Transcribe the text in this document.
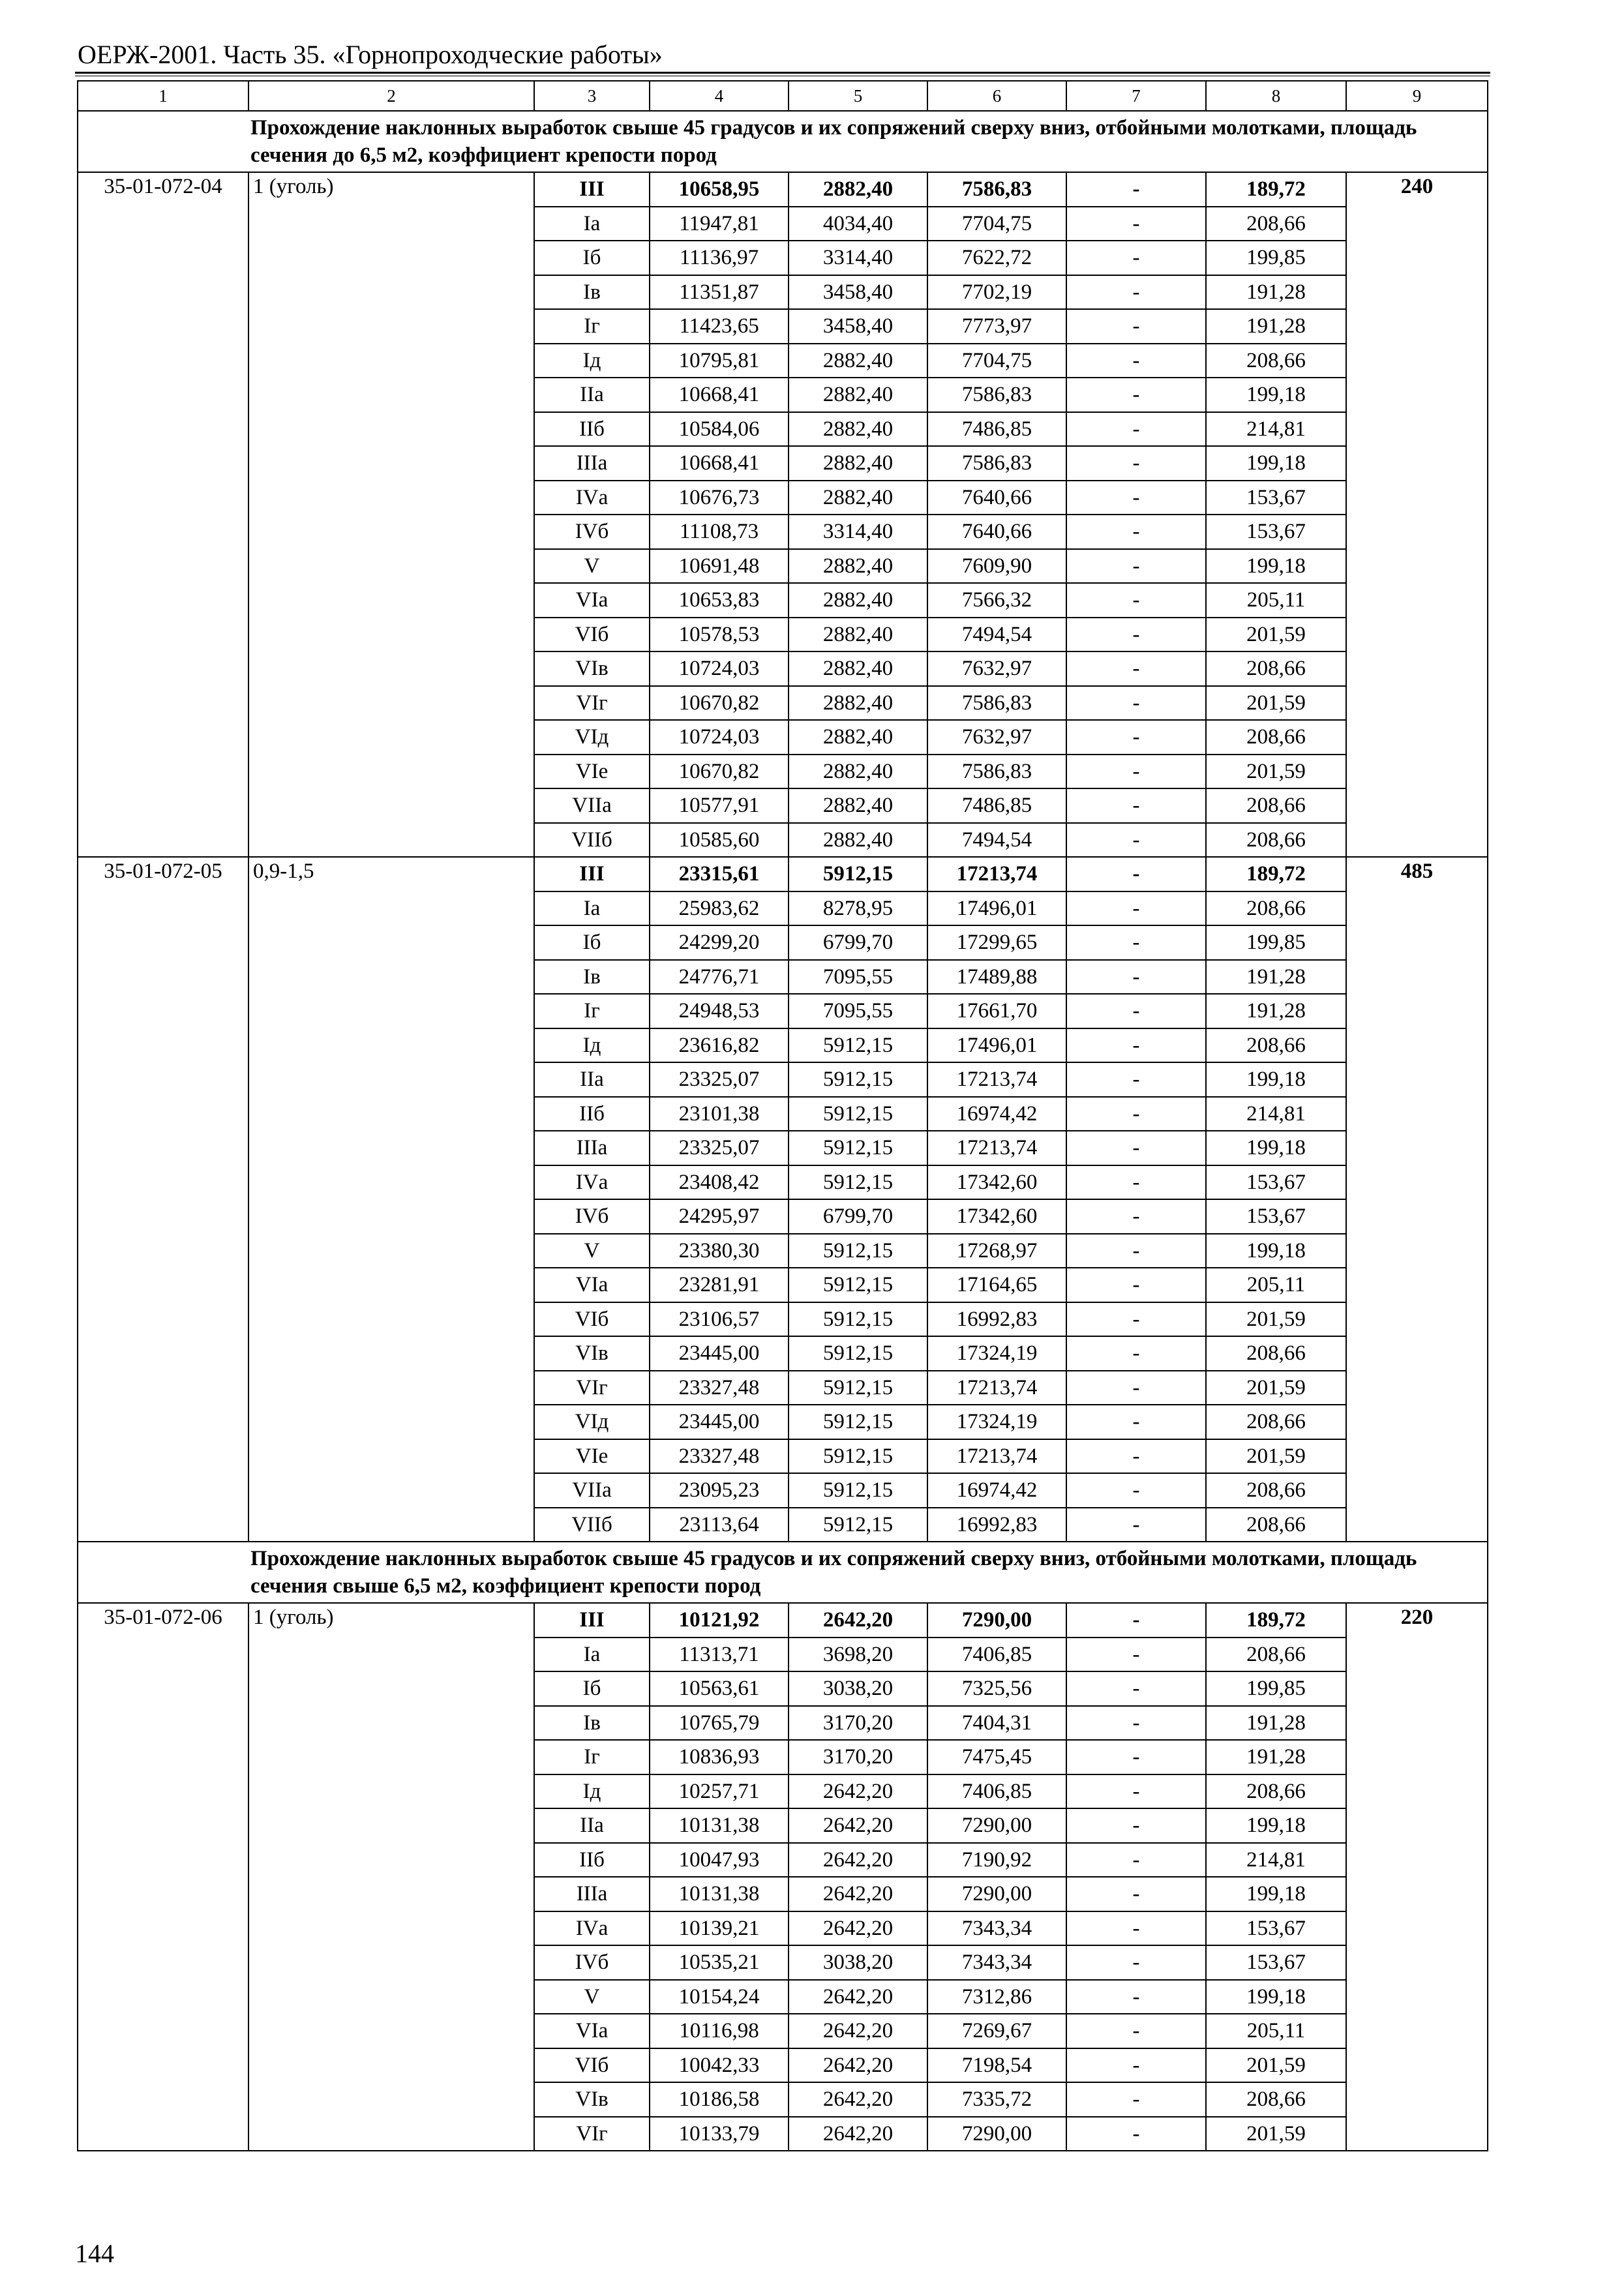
ОЕРЖ-2001. Часть 35. «Горнопроходческие работы»
1	2	3	4	5	6	7	8	9

Прохождение наклонных выработок свыше 45 градусов и их сопряжений сверху вниз, отбойными молотками, площадь сечения до 6,5 м2, коэффициент крепости пород								

35-01-072-04	1 (уголь)	III	10658,95	2882,40	7586,83	-	189,72	240
		Iа	11947,81	4034,40	7704,75	-	208,66	
		Iб	11136,97	3314,40	7622,72	-	199,85	
		Iв	11351,87	3458,40	7702,19	-	191,28	
		Iг	11423,65	3458,40	7773,97	-	191,28	
		Iд	10795,81	2882,40	7704,75	-	208,66	
		IIа	10668,41	2882,40	7586,83	-	199,18	
		IIб	10584,06	2882,40	7486,85	-	214,81	
		IIIа	10668,41	2882,40	7586,83	-	199,18	
		IVа	10676,73	2882,40	7640,66	-	153,67	
		IVб	11108,73	3314,40	7640,66	-	153,67	
		V	10691,48	2882,40	7609,90	-	199,18	
		VIа	10653,83	2882,40	7566,32	-	205,11	
		VIб	10578,53	2882,40	7494,54	-	201,59	
		VIв	10724,03	2882,40	7632,97	-	208,66	
		VIг	10670,82	2882,40	7586,83	-	201,59	
		VIд	10724,03	2882,40	7632,97	-	208,66	
		VIе	10670,82	2882,40	7586,83	-	201,59	
		VIIа	10577,91	2882,40	7486,85	-	208,66	
		VIIб	10585,60	2882,40	7494,54	-	208,66	
35-01-072-05	0,9-1,5	III	23315,61	5912,15	17213,74	-	189,72	485
		Iа	25983,62	8278,95	17496,01	-	208,66	
		Iб	24299,20	6799,70	17299,65	-	199,85	
		Iв	24776,71	7095,55	17489,88	-	191,28	
		Iг	24948,53	7095,55	17661,70	-	191,28	
		Iд	23616,82	5912,15	17496,01	-	208,66	
		IIа	23325,07	5912,15	17213,74	-	199,18	
		IIб	23101,38	5912,15	16974,42	-	214,81	
		IIIа	23325,07	5912,15	17213,74	-	199,18	
		IVа	23408,42	5912,15	17342,60	-	153,67	
		IVб	24295,97	6799,70	17342,60	-	153,67	
		V	23380,30	5912,15	17268,97	-	199,18	
		VIа	23281,91	5912,15	17164,65	-	205,11	
		VIб	23106,57	5912,15	16992,83	-	201,59	
		VIв	23445,00	5912,15	17324,19	-	208,66	
		VIг	23327,48	5912,15	17213,74	-	201,59	
		VIд	23445,00	5912,15	17324,19	-	208,66	
		VIе	23327,48	5912,15	17213,74	-	201,59	
		VIIа	23095,23	5912,15	16974,42	-	208,66	
		VIIб	23113,64	5912,15	16992,83	-	208,66	

Прохождение наклонных выработок свыше 45 градусов и их сопряжений сверху вниз, отбойными молотками, площадь сечения свыше 6,5 м2, коэффициент крепости пород								

35-01-072-06	1 (уголь)	III	10121,92	2642,20	7290,00	-	189,72	220
		Iа	11313,71	3698,20	7406,85	-	208,66	
		Iб	10563,61	3038,20	7325,56	-	199,85	
		Iв	10765,79	3170,20	7404,31	-	191,28	
		Iг	10836,93	3170,20	7475,45	-	191,28	
		Iд	10257,71	2642,20	7406,85	-	208,66	
		IIа	10131,38	2642,20	7290,00	-	199,18	
		IIб	10047,93	2642,20	7190,92	-	214,81	
		IIIа	10131,38	2642,20	7290,00	-	199,18	
		IVа	10139,21	2642,20	7343,34	-	153,67	
		IVб	10535,21	3038,20	7343,34	-	153,67	
		V	10154,24	2642,20	7312,86	-	199,18	
		VIа	10116,98	2642,20	7269,67	-	205,11	
		VIб	10042,33	2642,20	7198,54	-	201,59	
		VIв	10186,58	2642,20	7335,72	-	208,66	
		VIг	10133,79	2642,20	7290,00	-	201,59	
144
